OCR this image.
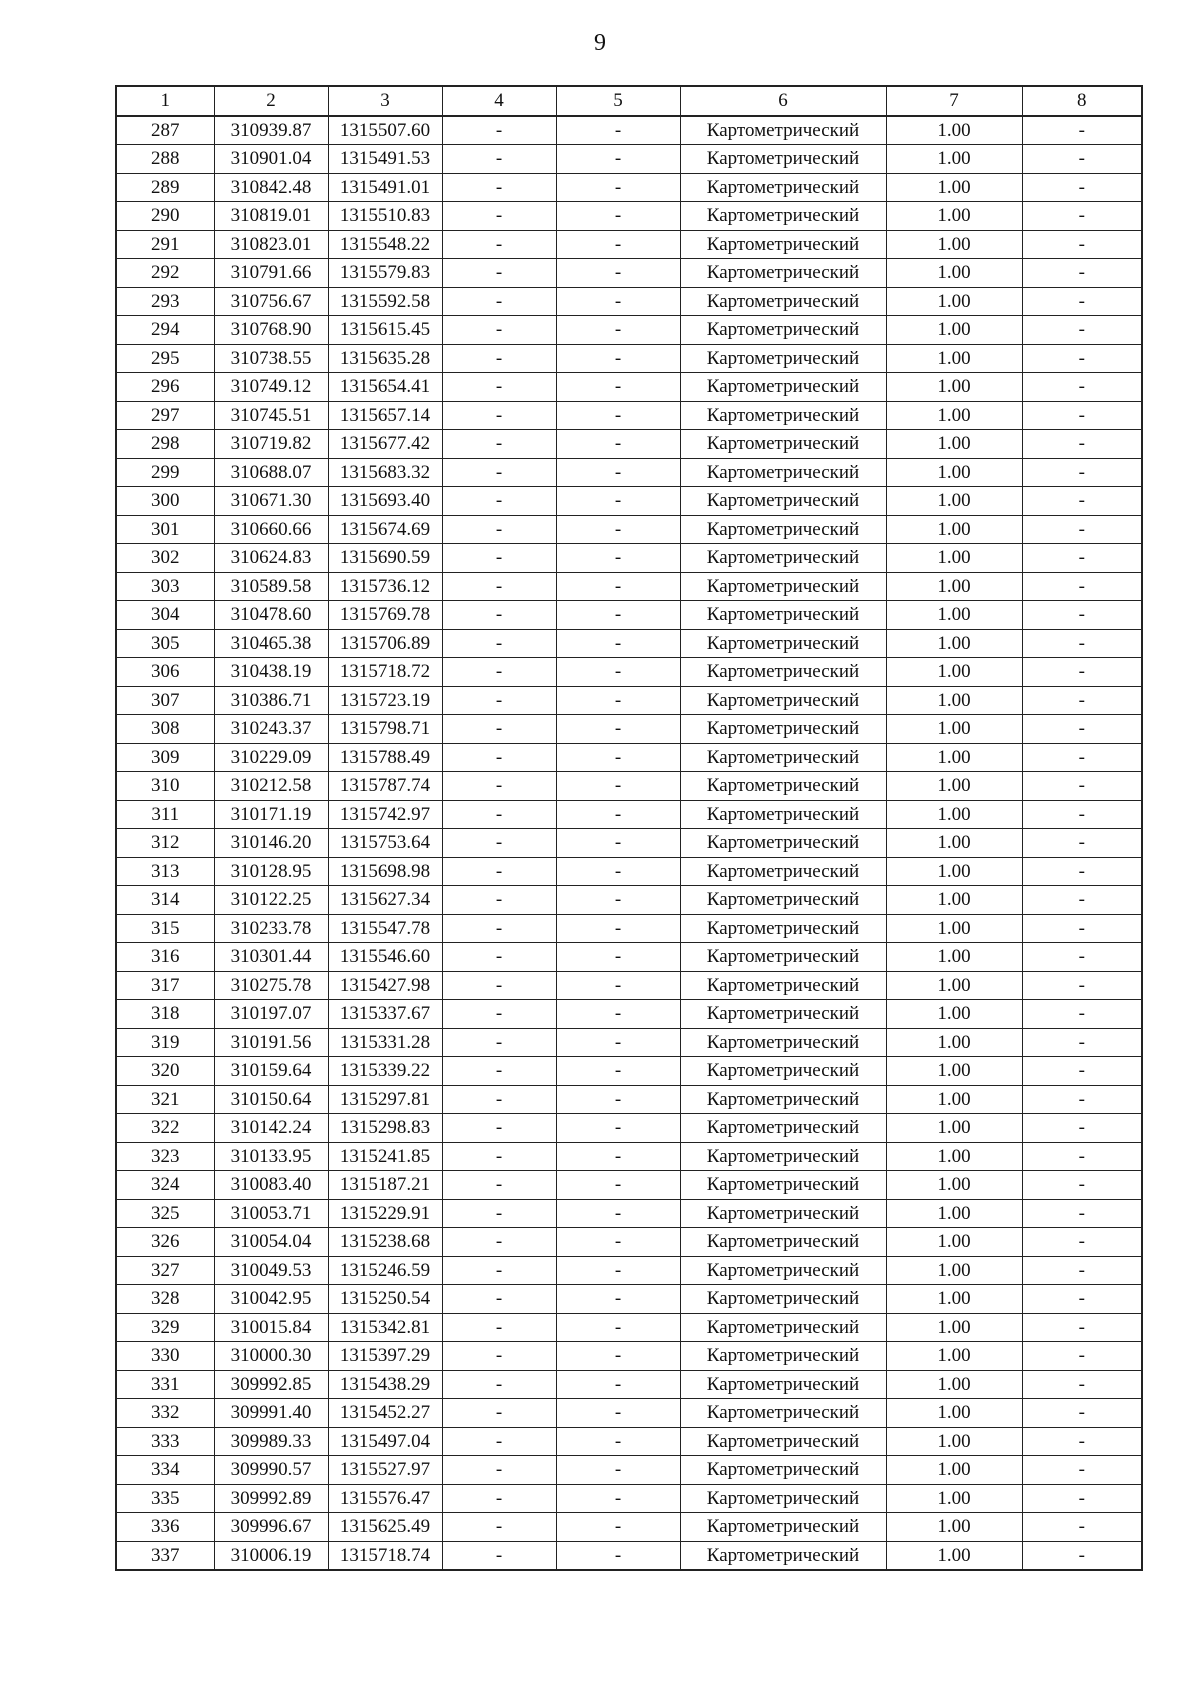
9
1	2	3	4	5	6	7	8
287	310939.87	1315507.60	-	-	Картометрический	1.00	-
288	310901.04	1315491.53	-	-	Картометрический	1.00	-
289	310842.48	1315491.01	-	-	Картометрический	1.00	-
290	310819.01	1315510.83	-	-	Картометрический	1.00	-
291	310823.01	1315548.22	-	-	Картометрический	1.00	-
292	310791.66	1315579.83	-	-	Картометрический	1.00	-
293	310756.67	1315592.58	-	-	Картометрический	1.00	-
294	310768.90	1315615.45	-	-	Картометрический	1.00	-
295	310738.55	1315635.28	-	-	Картометрический	1.00	-
296	310749.12	1315654.41	-	-	Картометрический	1.00	-
297	310745.51	1315657.14	-	-	Картометрический	1.00	-
298	310719.82	1315677.42	-	-	Картометрический	1.00	-
299	310688.07	1315683.32	-	-	Картометрический	1.00	-
300	310671.30	1315693.40	-	-	Картометрический	1.00	-
301	310660.66	1315674.69	-	-	Картометрический	1.00	-
302	310624.83	1315690.59	-	-	Картометрический	1.00	-
303	310589.58	1315736.12	-	-	Картометрический	1.00	-
304	310478.60	1315769.78	-	-	Картометрический	1.00	-
305	310465.38	1315706.89	-	-	Картометрический	1.00	-
306	310438.19	1315718.72	-	-	Картометрический	1.00	-
307	310386.71	1315723.19	-	-	Картометрический	1.00	-
308	310243.37	1315798.71	-	-	Картометрический	1.00	-
309	310229.09	1315788.49	-	-	Картометрический	1.00	-
310	310212.58	1315787.74	-	-	Картометрический	1.00	-
311	310171.19	1315742.97	-	-	Картометрический	1.00	-
312	310146.20	1315753.64	-	-	Картометрический	1.00	-
313	310128.95	1315698.98	-	-	Картометрический	1.00	-
314	310122.25	1315627.34	-	-	Картометрический	1.00	-
315	310233.78	1315547.78	-	-	Картометрический	1.00	-
316	310301.44	1315546.60	-	-	Картометрический	1.00	-
317	310275.78	1315427.98	-	-	Картометрический	1.00	-
318	310197.07	1315337.67	-	-	Картометрический	1.00	-
319	310191.56	1315331.28	-	-	Картометрический	1.00	-
320	310159.64	1315339.22	-	-	Картометрический	1.00	-
321	310150.64	1315297.81	-	-	Картометрический	1.00	-
322	310142.24	1315298.83	-	-	Картометрический	1.00	-
323	310133.95	1315241.85	-	-	Картометрический	1.00	-
324	310083.40	1315187.21	-	-	Картометрический	1.00	-
325	310053.71	1315229.91	-	-	Картометрический	1.00	-
326	310054.04	1315238.68	-	-	Картометрический	1.00	-
327	310049.53	1315246.59	-	-	Картометрический	1.00	-
328	310042.95	1315250.54	-	-	Картометрический	1.00	-
329	310015.84	1315342.81	-	-	Картометрический	1.00	-
330	310000.30	1315397.29	-	-	Картометрический	1.00	-
331	309992.85	1315438.29	-	-	Картометрический	1.00	-
332	309991.40	1315452.27	-	-	Картометрический	1.00	-
333	309989.33	1315497.04	-	-	Картометрический	1.00	-
334	309990.57	1315527.97	-	-	Картометрический	1.00	-
335	309992.89	1315576.47	-	-	Картометрический	1.00	-
336	309996.67	1315625.49	-	-	Картометрический	1.00	-
337	310006.19	1315718.74	-	-	Картометрический	1.00	-
